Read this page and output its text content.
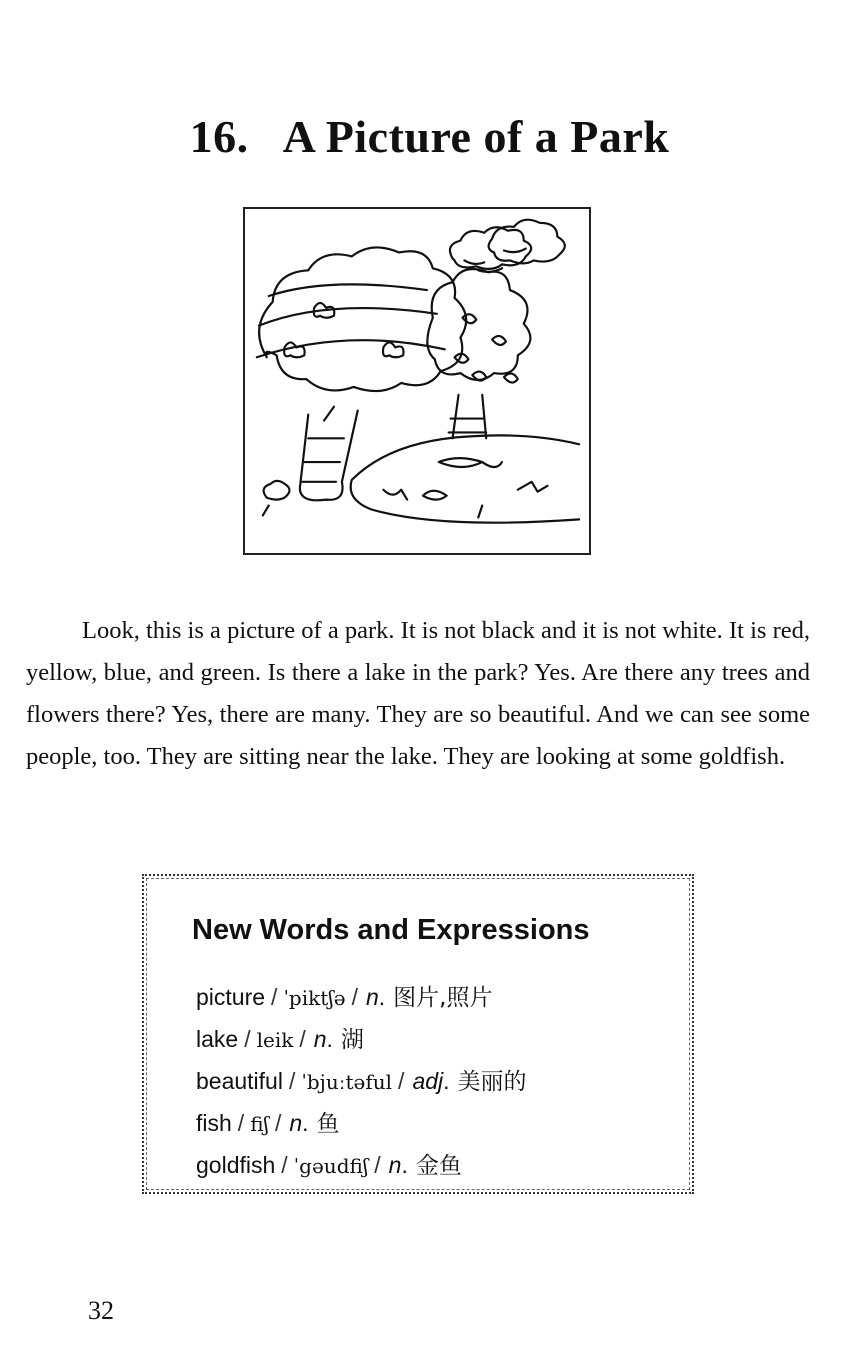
16. A Picture of a Park

Look, this is a picture of a park. It is not black and it is not white. It is red, yellow, blue, and green. Is there a lake in the park? Yes. Are there any trees and flowers there? Yes, there are many. They are so beautiful. And we can see some people, too. They are sitting near the lake. They are looking at some goldfish.

New Words and Expressions
picture / ˈpiktʃə / n. 图片,照片
lake / leik / n. 湖
beautiful / ˈbjuːtəful / adj. 美丽的
fish / fiʃ / n. 鱼
goldfish / ˈgəudfiʃ / n. 金鱼
32
